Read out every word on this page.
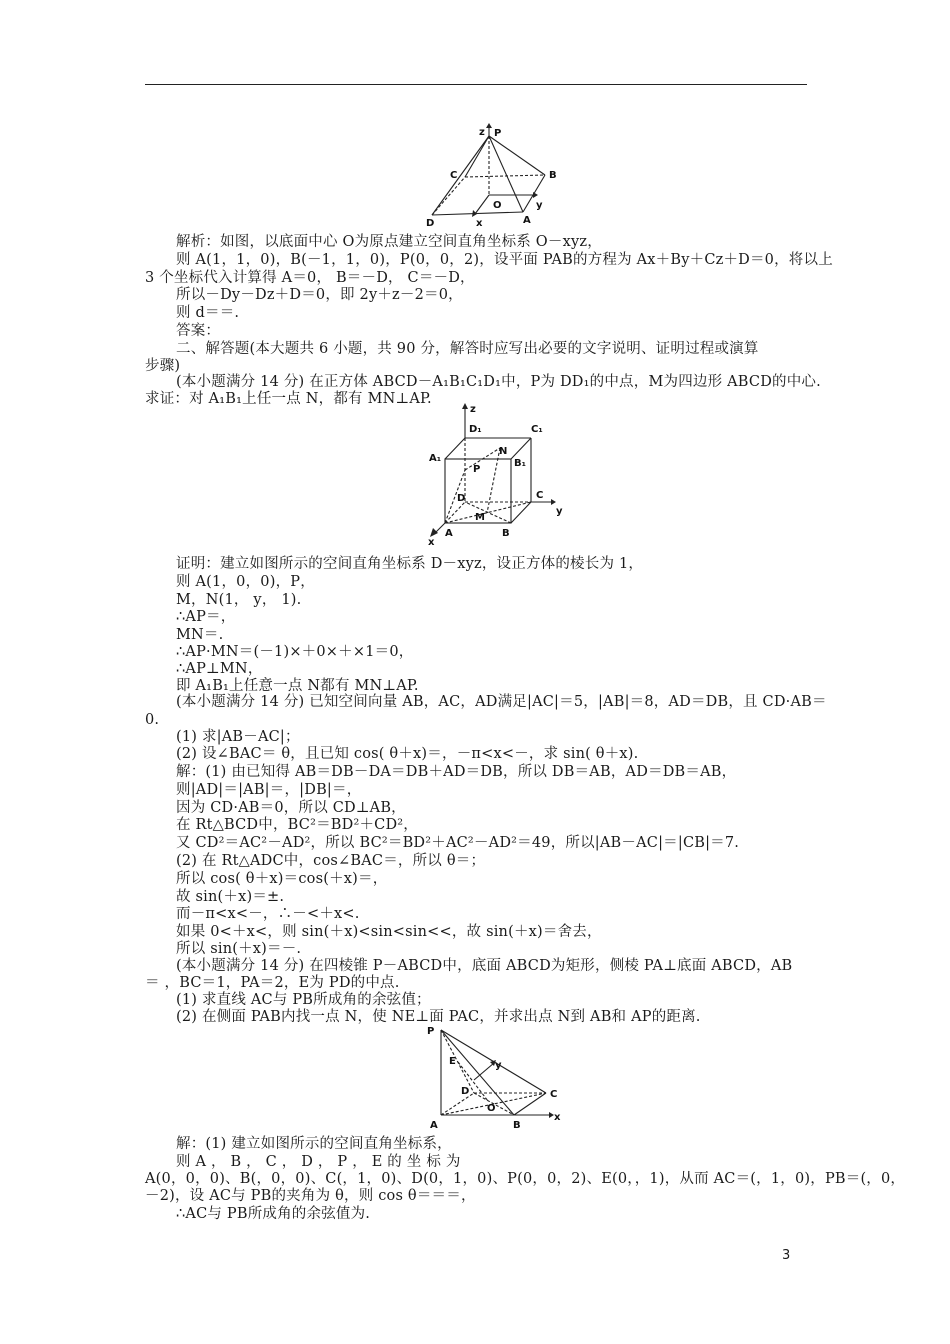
z P
C	B
O	y
D	x	A
z
D₁	C₁
A₁
N
B₁
P
D	C
y
M
A	B
x
P
E	y
D	C
O
A	B
x
解析：如图，以底面中心 O为原点建立空间直角坐标系 O－xyz，
则 A(1，1，0)，B(－1，1，0)，P(0，0，2)，设平面 PAB的方程为 Ax＋By＋Cz＋D＝0，将以上
3 个坐标代入计算得 A＝0， B＝－D， C＝－D，
所以－Dy－Dz＋D＝0，即 2y＋z－2＝0，
则 d＝＝.
答案：
二、解答题(本大题共 6 小题，共 90 分，解答时应写出必要的文字说明、证明过程或演算
步骤)
(本小题满分 14 分) 在正方体 ABCD－A₁B₁C₁D₁中，P为 DD₁的中点，M为四边形 ABCD的中心.
求证：对 A₁B₁上任一点 N，都有 MN⊥AP.
证明：建立如图所示的空间直角坐标系 D－xyz，设正方体的棱长为 1，
则 A(1，0，0)，P，
M，N(1， y， 1).
∴AP＝，
MN＝.
∴AP·MN＝(－1)×＋0×＋×1＝0，
∴AP⊥MN，
即 A₁B₁上任意一点 N都有 MN⊥AP.
(本小题满分 14 分) 已知空间向量 AB，AC，AD满足|AC|＝5，|AB|＝8，AD＝DB，且 CD·AB＝
0.
(1) 求|AB－AC|；
(2) 设∠BAC＝ θ，且已知 cos( θ＋x)＝，－π<x<－，求 sin( θ＋x).
解：(1) 由已知得 AB＝DB－DA＝DB＋AD＝DB，所以 DB＝AB，AD＝DB＝AB，
则|AD|＝|AB|＝，|DB|＝，
因为 CD·AB＝0，所以 CD⊥AB，
在 Rt△BCD中，BC²＝BD²＋CD²，
又 CD²＝AC²－AD²，所以 BC²＝BD²＋AC²－AD²＝49，所以|AB－AC|＝|CB|＝7.
(2) 在 Rt△ADC中，cos∠BAC＝，所以 θ＝；
所以 cos( θ＋x)＝cos(＋x)＝，
故 sin(＋x)＝±.
而－π<x<－，∴－<＋x<.
如果 0<＋x<，则 sin(＋x)<sin<sin<<，故 sin(＋x)＝舍去，
所以 sin(＋x)＝－.
(本小题满分 14 分) 在四棱锥 P－ABCD中，底面 ABCD为矩形，侧棱 PA⊥底面 ABCD，AB
＝ ，BC＝1，PA＝2，E为 PD的中点.
(1) 求直线 AC与 PB所成角的余弦值；
(2) 在侧面 PAB内找一点 N，使 NE⊥面 PAC，并求出点 N到 AB和 AP的距离.
解：(1) 建立如图所示的空间直角坐标系，
则 A ， B ， C ， D ， P ， E 的 坐 标 为
A(0，0，0)、B(，0，0)、C(，1，0)、D(0，1，0)、P(0，0，2)、E(0，，1)，从而 AC＝(，1，0)，PB＝(，0，
－2)，设 AC与 PB的夹角为 θ，则 cos θ＝＝＝，
∴AC与 PB所成角的余弦值为.
3
